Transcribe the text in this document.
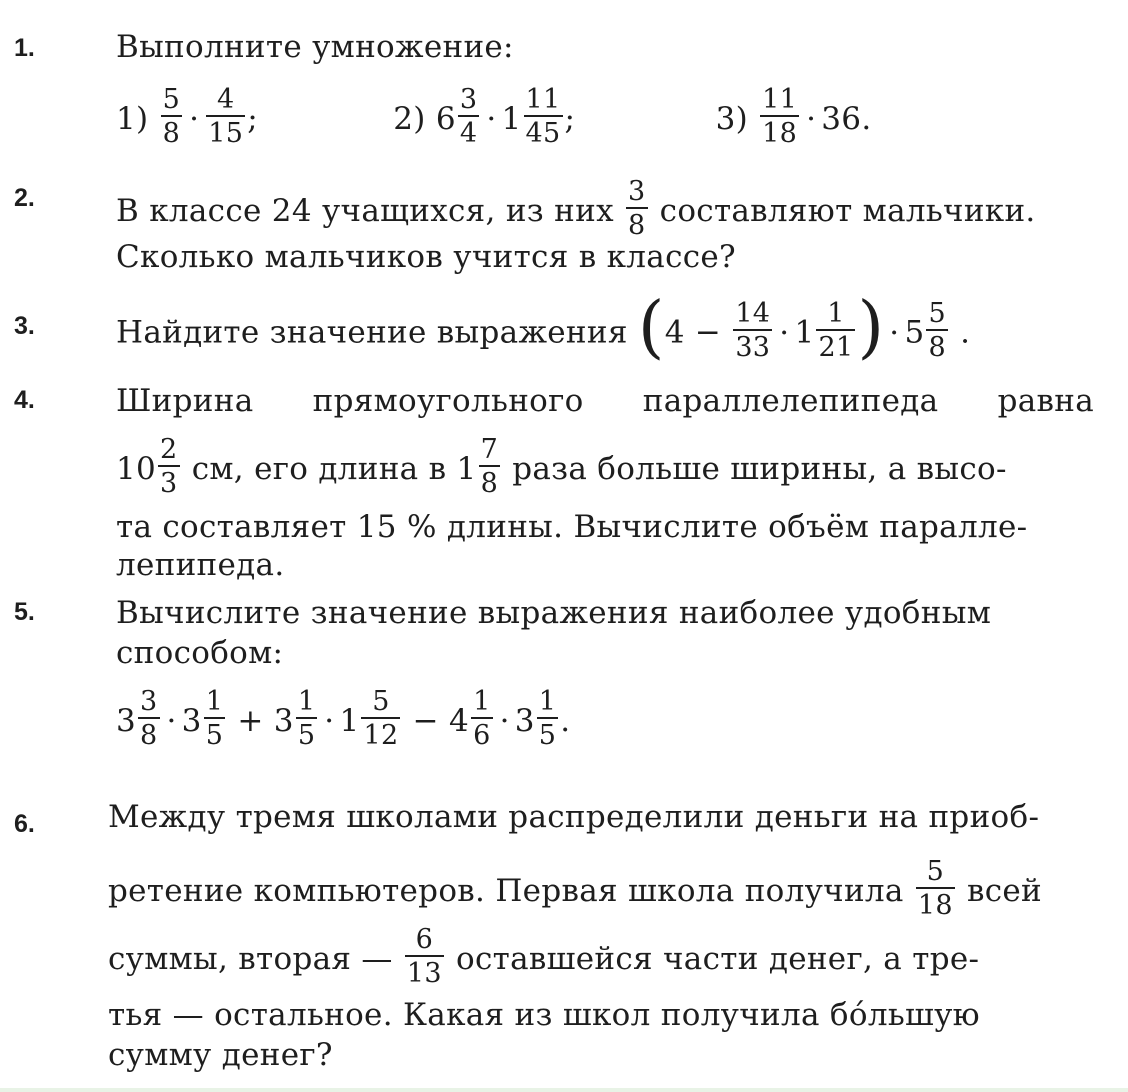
1.	Выполните умножение:
$1) \frac{5}{8} \cdot \frac{4}{15}$ ;	2) $6 \frac{3}{4} \cdot 1 \frac{11}{45}$ ;	$3) \frac{11}{18} \cdot 36$.
2.	В классе 24 учащихся, из них $\frac{3}{8}$ составляют мальчики.
Сколько мальчиков учится в классе?
3.	Найдите значение выражения ($4 - \frac{14}{33} \cdot 1 \frac{1}{21}$ ) · $5 \frac{5}{8}$ .
4.	Ширина прямоугольного параллелепипеда равна
$10 \frac{2}{3}$ см, его длина в $1 \frac{7}{8}$ раза больше ширины, а высо-
та составляет 15 % длины. Вычислите объём паралле-
лепипеда.
5.	Вычислите значение выражения наиболее удобным
способом:
$3 \frac{3}{8} \cdot 3 \frac{1}{5} + 3 \frac{1}{5} \cdot 1 \frac{5}{12} - 4 \frac{1}{6} \cdot 3 \frac{1}{5}$ .
6. Между тремя школами распределили деньги на приоб-
ретение компьютеров. Первая школа получила $\frac{5}{18}$ всей
суммы, вторая — $\frac{6}{13}$ оставшейся части денег, а тре-
тья — остальное. Какая из школ получила бóльшую
сумму денег?
